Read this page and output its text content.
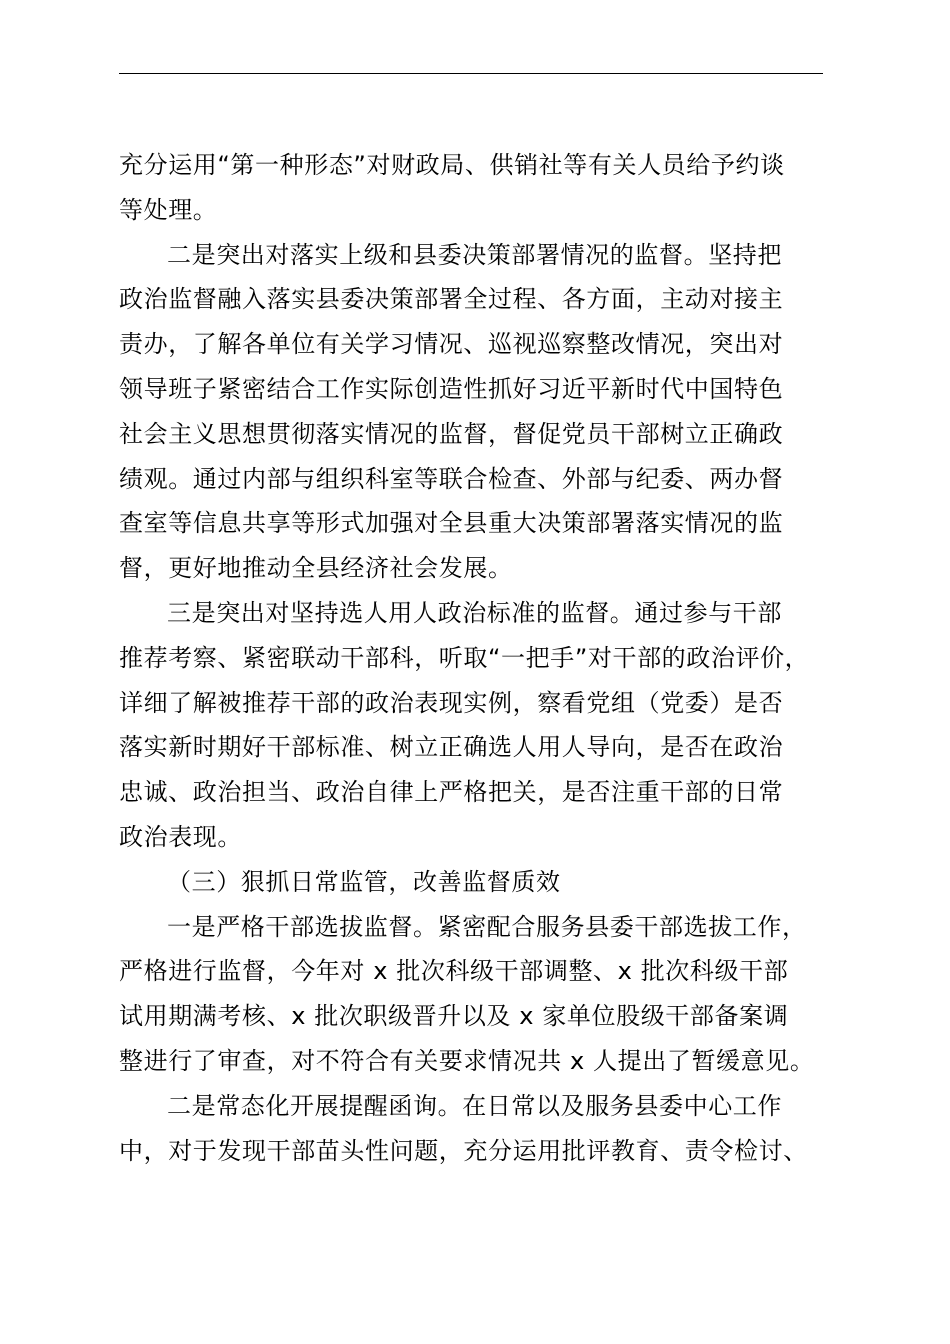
充分运用“第一种形态”对财政局、供销社等有关人员给予约谈
等处理。
二是突出对落实上级和县委决策部署情况的监督。坚持把
政治监督融入落实县委决策部署全过程、各方面，主动对接主
责办，了解各单位有关学习情况、巡视巡察整改情况，突出对
领导班子紧密结合工作实际创造性抓好习近平新时代中国特色
社会主义思想贯彻落实情况的监督，督促党员干部树立正确政
绩观。通过内部与组织科室等联合检查、外部与纪委、两办督
查室等信息共享等形式加强对全县重大决策部署落实情况的监
督，更好地推动全县经济社会发展。
三是突出对坚持选人用人政治标准的监督。通过参与干部
推荐考察、紧密联动干部科，听取“一把手”对干部的政治评价，
详细了解被推荐干部的政治表现实例，察看党组（党委）是否
落实新时期好干部标准、树立正确选人用人导向，是否在政治
忠诚、政治担当、政治自律上严格把关，是否注重干部的日常
政治表现。
（三）狠抓日常监管，改善监督质效
一是严格干部选拔监督。紧密配合服务县委干部选拔工作，
严格进行监督，今年对 x 批次科级干部调整、x 批次科级干部
试用期满考核、x 批次职级晋升以及 x 家单位股级干部备案调
整进行了审查，对不符合有关要求情况共 x 人提出了暂缓意见。
二是常态化开展提醒函询。在日常以及服务县委中心工作
中，对于发现干部苗头性问题，充分运用批评教育、责令检讨、
